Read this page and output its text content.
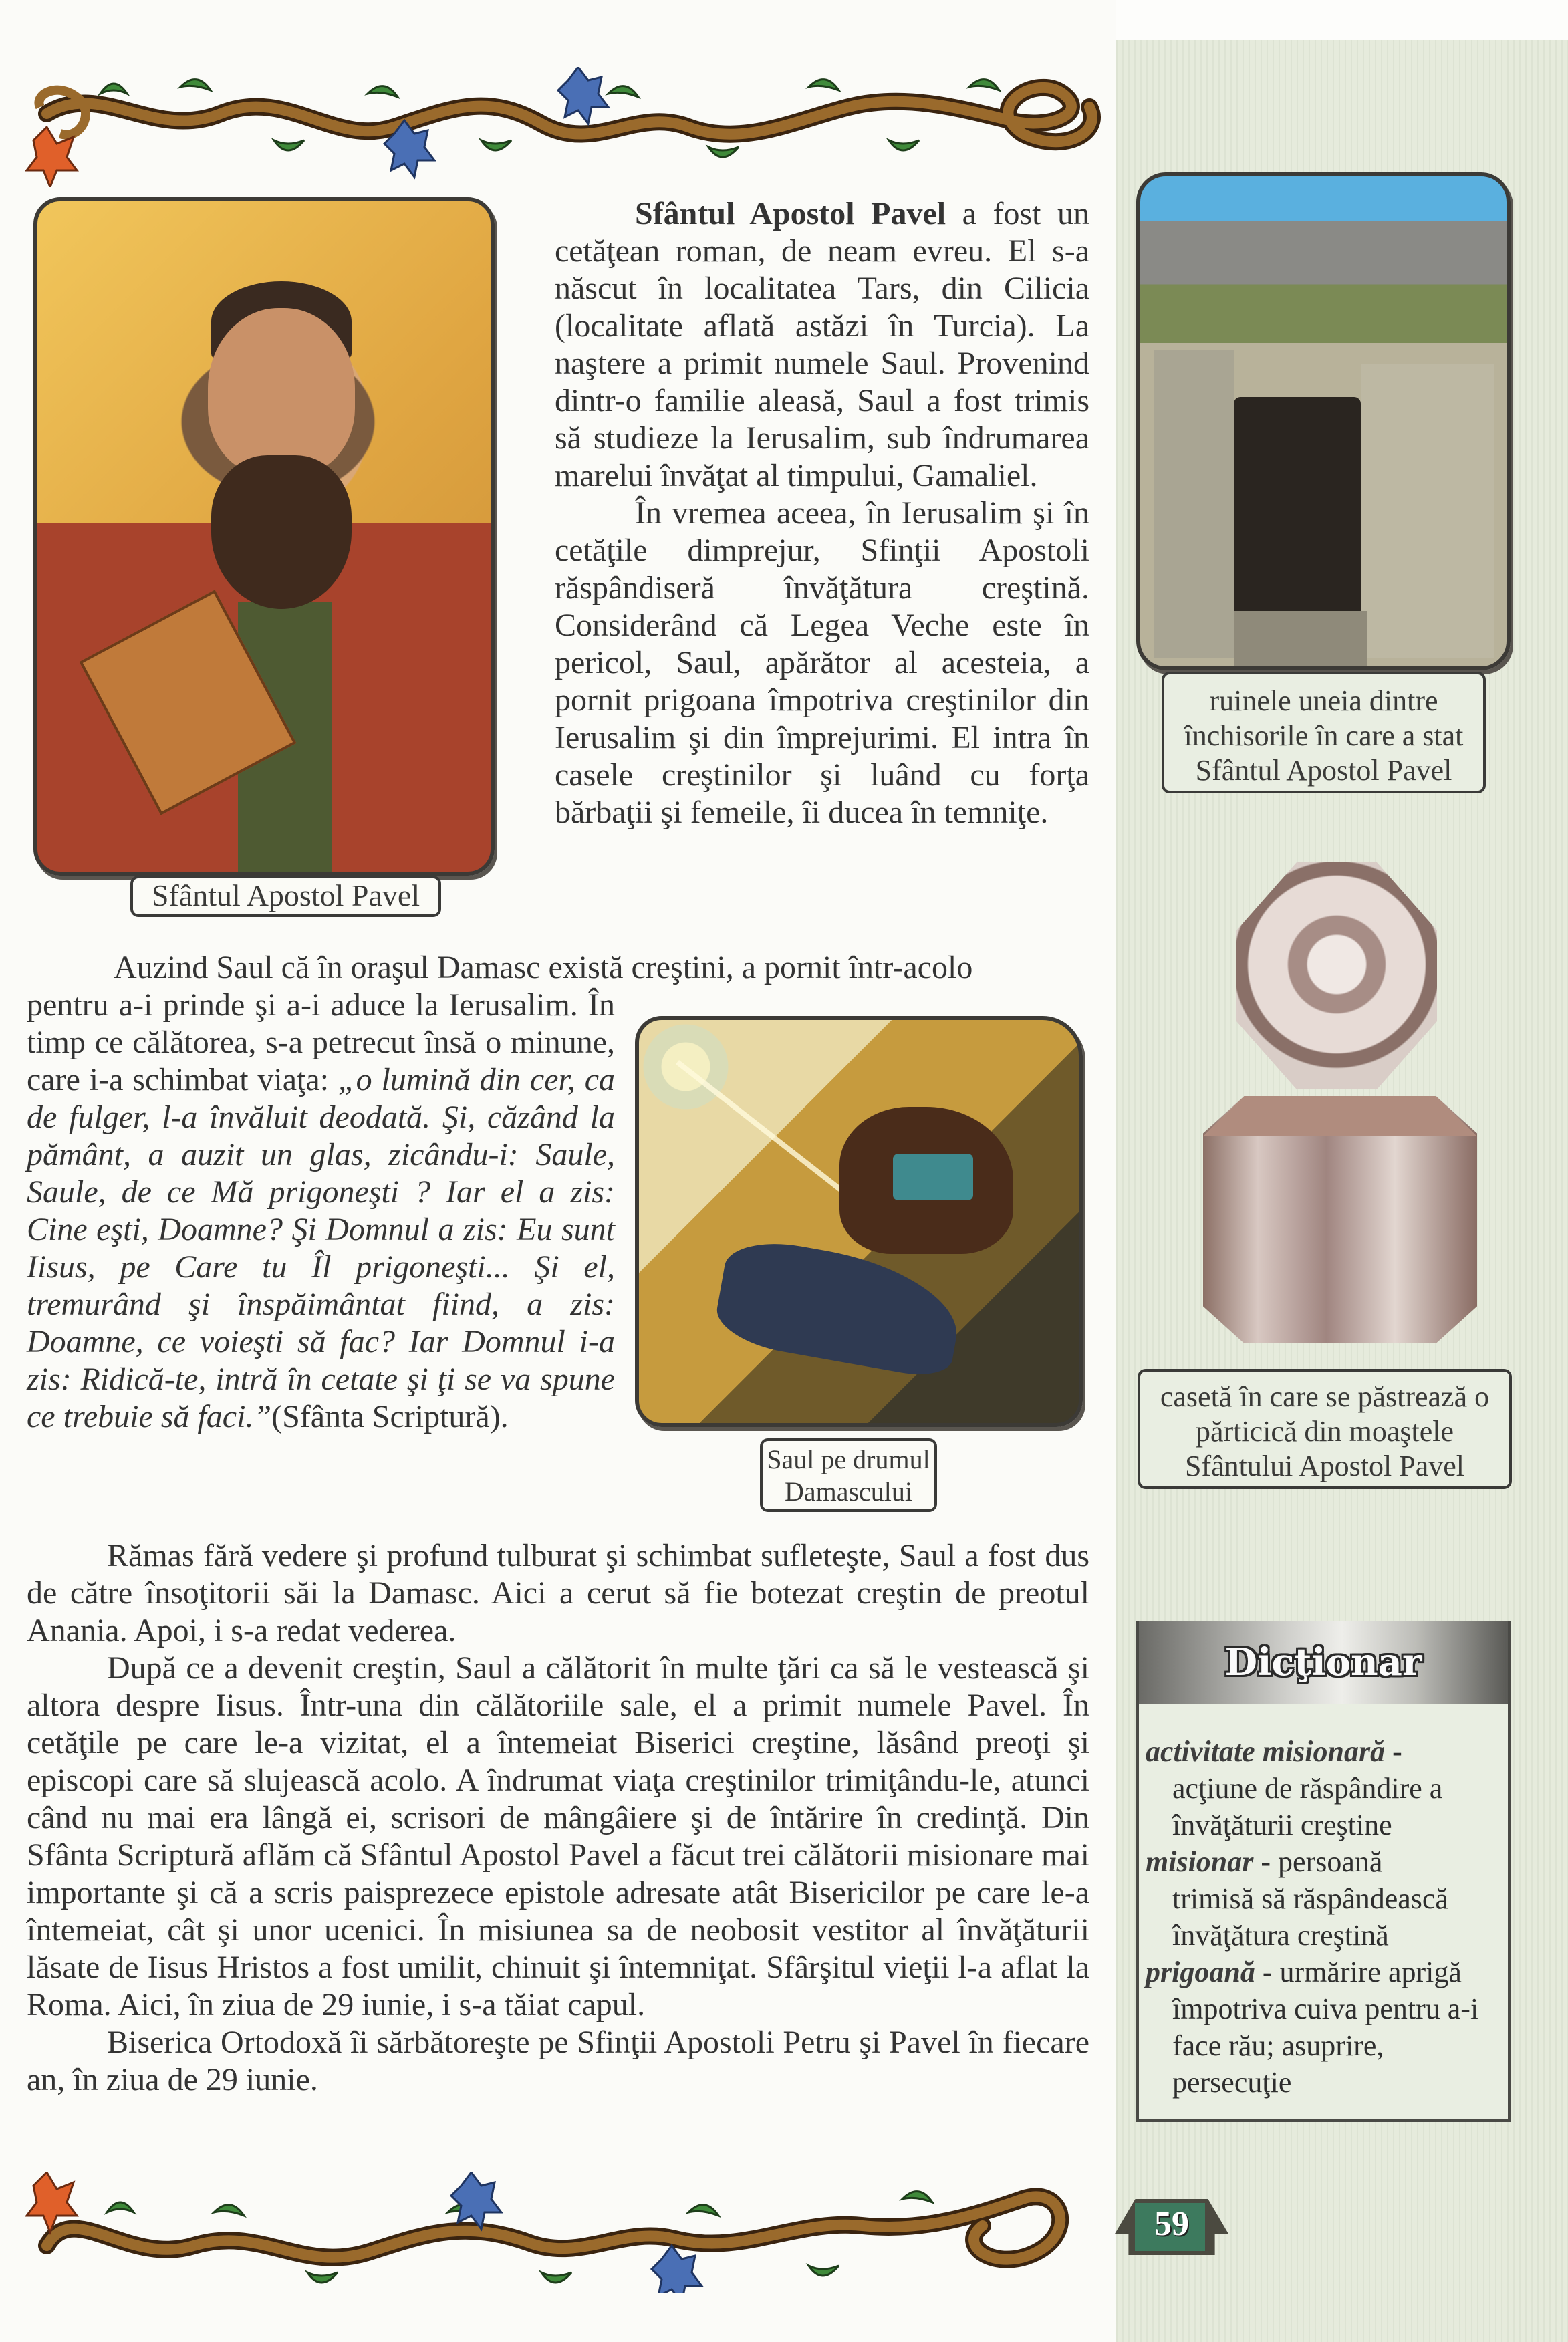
Sfântul Apostol Pavel

Sfântul Apostol Pavel a fost un cetăţean roman, de neam evreu. El s-a născut în localitatea Tars, din Cilicia (localitate aflată astăzi în Turcia). La naştere a primit numele Saul. Provenind dintr-o familie aleasă, Saul a fost trimis să studieze la Ierusalim, sub îndrumarea marelui învăţat al timpului, Gamaliel.

În vremea aceea, în Ierusalim şi în cetăţile dimprejur, Sfinţii Apostoli răspândiseră învăţătura creştină. Considerând că Legea Veche este în pericol, Saul, apărător al acesteia, a pornit prigoana împotriva creştinilor din Ierusalim şi din împrejurimi. El intra în casele creştinilor şi luând cu forţa bărbaţii şi femeile, îi ducea în temniţe.

Auzind Saul că în oraşul Damasc există creştini, a pornit într-acolo

pentru a-i prinde şi a-i aduce la Ierusalim. În timp ce călătorea, s-a petrecut însă o minune, care i-a schimbat viaţa: „o lumină din cer, ca de fulger, l-a învăluit deodată. Şi, căzând la pământ, a auzit un glas, zicându-i: Saule, Saule, de ce Mă prigoneşti ? Iar el a zis: Cine eşti, Doamne? Şi Domnul a zis: Eu sunt Iisus, pe Care tu Îl prigoneşti... Şi el, tremurând şi înspăimântat fiind, a zis: Doamne, ce voieşti să fac? Iar Domnul i-a zis: Ridică-te, intră în cetate şi ţi se va spune ce trebuie să faci.”(Sfânta Scriptură).

Saul pe drumul
Damascului

Rămas fără vedere şi profund tulburat şi schimbat sufleteşte, Saul a fost dus de către însoţitorii săi la Damasc. Aici a cerut să fie botezat creştin de preotul Anania. Apoi, i s-a redat vederea.

După ce a devenit creştin, Saul a călătorit în multe ţări ca să le vestească şi altora despre Iisus. Într-una din călătoriile sale, el a primit numele Pavel. În cetăţile pe care le-a vizitat, el a întemeiat Biserici creştine, lăsând preoţi şi episcopi care să slujească acolo. A îndrumat viaţa creştinilor trimiţându-le, atunci când nu mai era lângă ei, scrisori de mângâiere şi de întărire în credinţă. Din Sfânta Scriptură aflăm că Sfântul Apostol Pavel a făcut trei călătorii misionare mai importante şi că a scris paisprezece epistole adresate atât Bisericilor pe care le-a întemeiat, cât şi unor ucenici. În misiunea sa de neobosit vestitor al învăţăturii lăsate de Iisus Hristos a fost umilit, chinuit şi întemniţat. Sfârşitul vieţii l-a aflat la Roma. Aici, în ziua de 29 iunie, i s-a tăiat capul.

Biserica Ortodoxă îi sărbătoreşte pe Sfinţii Apostoli Petru şi Pavel în fiecare an, în ziua de 29 iunie.

ruinele uneia dintre
închisorile în care a stat
Sfântul Apostol Pavel
casetă în care se păstrează o
părticică din moaştele
Sfântului Apostol Pavel
Dicţionar
activitate misionară -
acţiune de răspândire a învăţăturii creştine
misionar - persoană
trimisă să răspândească învăţătura creştină
prigoană - urmărire aprigă
împotriva cuiva pentru a-i face rău; asuprire, persecuţie
59
